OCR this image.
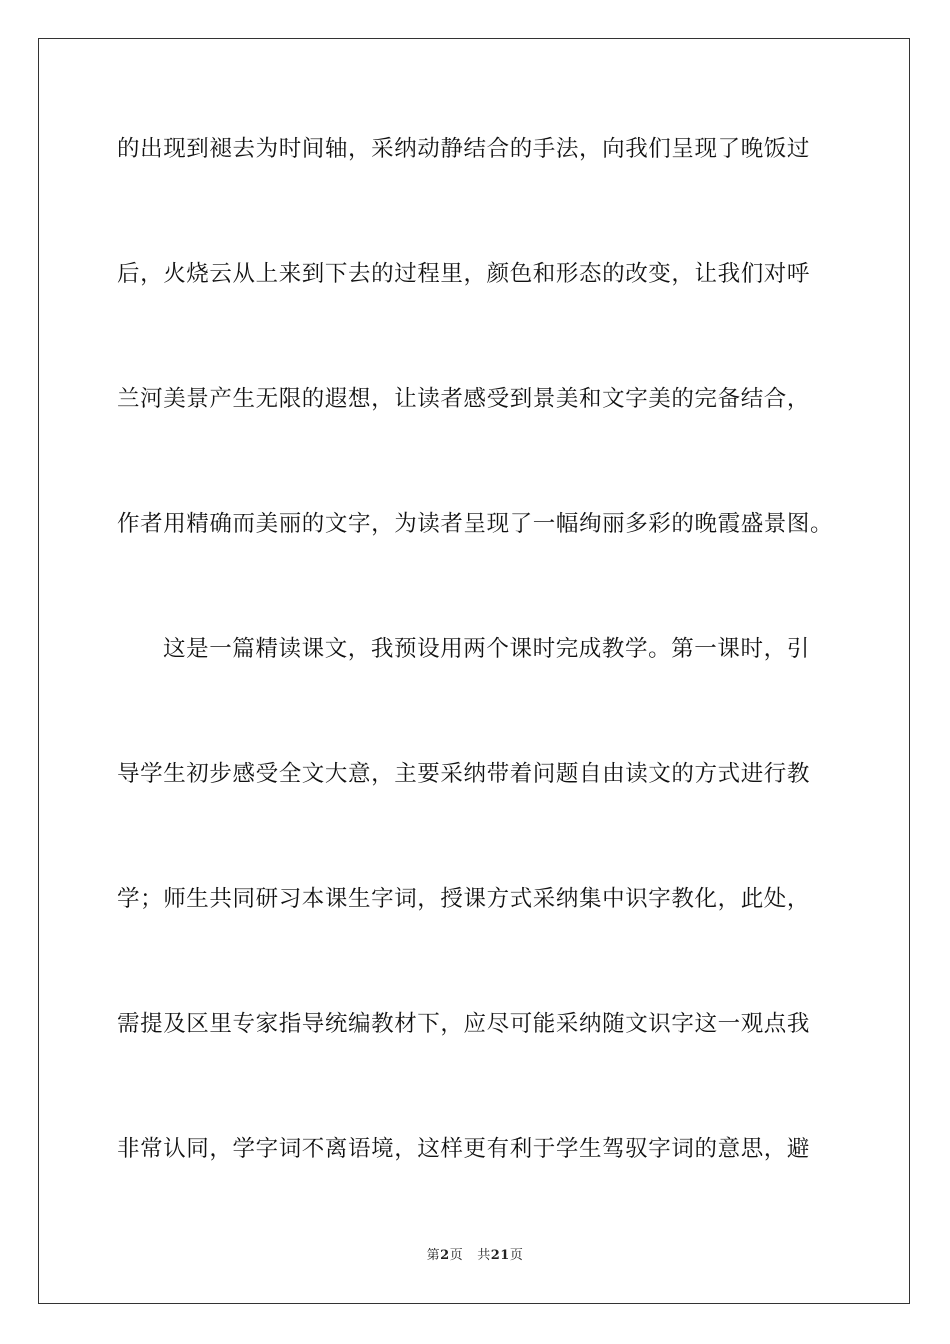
的出现到褪去为时间轴，采纳动静结合的手法，向我们呈现了晚饭过
后，火烧云从上来到下去的过程里，颜色和形态的改变，让我们对呼
兰河美景产生无限的遐想，让读者感受到景美和文字美的完备结合，
作者用精确而美丽的文字，为读者呈现了一幅绚丽多彩的晚霞盛景图。
这是一篇精读课文，我预设用两个课时完成教学。第一课时，引
导学生初步感受全文大意，主要采纳带着问题自由读文的方式进行教
学；师生共同研习本课生字词，授课方式采纳集中识字教化，此处，
需提及区里专家指导统编教材下，应尽可能采纳随文识字这一观点我
非常认同，学字词不离语境，这样更有利于学生驾驭字词的意思，避
第2页 共21页
